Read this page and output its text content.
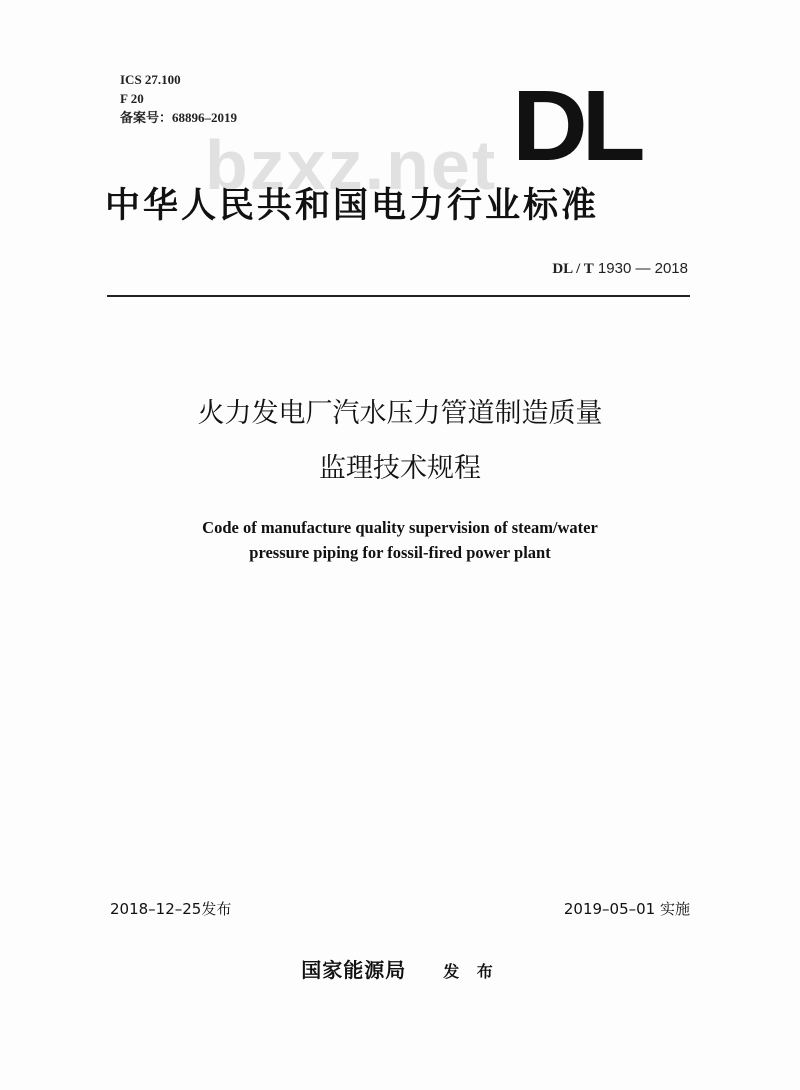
ICS 27.100
F 20
备案号：68896–2019	DL
bzxz.net
中华人民共和国电力行业标准
DL / T 1930 — 2018
火力发电厂汽水压力管道制造质量
监理技术规程
Code of manufacture quality supervision of steam/water
pressure piping for fossil-fired power plant
2018–12–25发布	2019–05–01 实施
国家能源局 发 布
